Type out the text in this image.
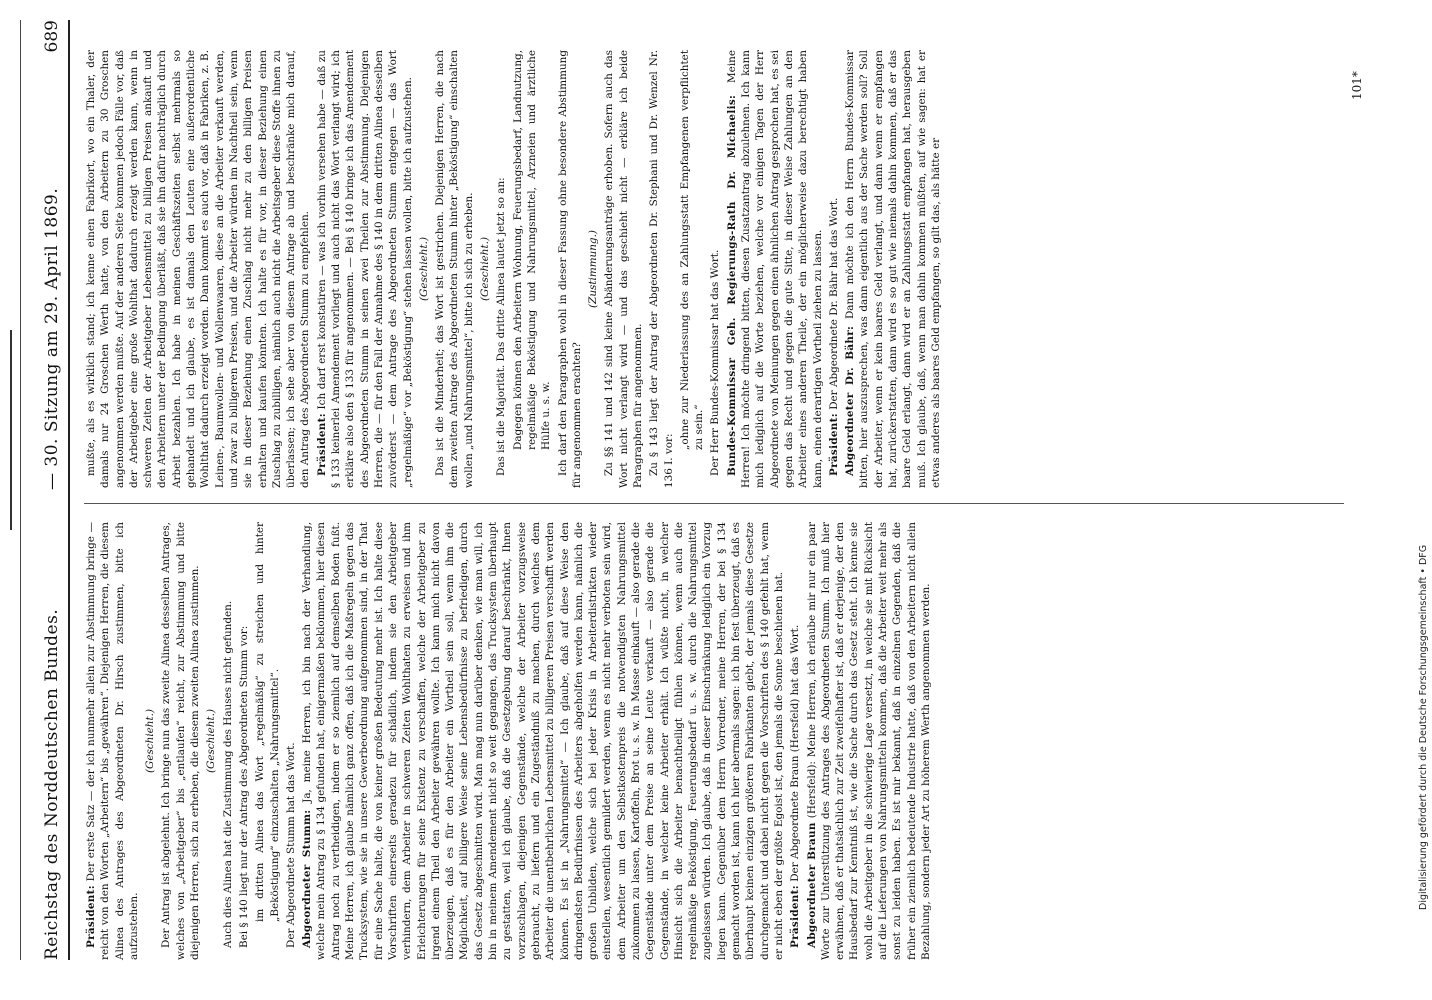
Reichstag des Norddeutschen Bundes.
— 30. Sitzung am 29. April 1869.
689

Präsident: Der erste Satz — der ich nunmehr allein zur Abstimmung bringe — reicht von den Worten „Arbeitern“ bis „gewähren“. Diejenigen Herren, die diesem Alinea des Antrages des Abgeordneten Dr. Hirsch zustimmen, bitte ich aufzustehen.

(Geschieht.) Der Antrag ist abgelehnt. Ich bringe nun das zweite Alinea desselben Antrages, welches von „Arbeitgeber“ bis „entlaufen“ reicht, zur Abstimmung und bitte diejenigen Herren, sich zu erheben, die diesem zweiten Alinea zustimmen. (Geschieht.) Auch dies Alinea hat die Zustimmung des Hauses nicht gefunden. Bei § 140 liegt nur der Antrag des Abgeordneten Stumm vor: im dritten Alinea das Wort „regelmäßig“ zu streichen und hinter „Beköstigung“ einzuschalten „Nahrungsmittel“. Der Abgeordnete Stumm hat das Wort. Abgeordneter Stumm: Ja, meine Herren, ich bin nach der Verhandlung, welche mein Antrag zu § 134 gefunden hat, einigermaßen beklommen, hier diesen Antrag noch zu vertheidigen, indem er so ziemlich auf demselben Boden fußt. Meine Herren, ich glaube nämlich ganz offen, daß ich die Maßregeln gegen das Trucksystem, wie sie in unsere Gewerbeordnung aufgenommen sind, in der That für eine Sache halte, die von keiner großen Bedeutung mehr ist. Ich halte diese Vorschriften einerseits geradezu für schädlich, indem sie den Arbeitgeber verhindern, dem Arbeiter in schweren Zeiten Wohlthaten zu erweisen und ihm Erleichterungen für seine Existenz zu verschaffen, welche der Arbeitgeber zu irgend einem Theil den Arbeiter gewähren wollte. Ich kann mich nicht davon überzeugen, daß es für den Arbeiter ein Vortheil sein soll, wenn ihm die Möglichkeit, auf billigere Weise seine Lebensbedürfnisse zu befriedigen, durch das Gesetz abgeschnitten wird. Man mag nun darüber denken, wie man will, ich bin in meinem Amendement nicht so weit gegangen, das Trucksystem überhaupt zu gestatten, weil ich glaube, daß die Gesetzgebung darauf beschränkt, Ihnen vorzuschlagen, diejenigen Gegenstände, welche der Arbeiter vorzugsweise gebraucht, zu liefern und ein Zugeständniß zu machen, durch welches dem Arbeiter die unentbehrlichen Lebensmittel zu billigeren Preisen verschafft werden können. Es ist in „Nahrungsmittel“ — Ich glaube, daß auf diese Weise den dringendsten Bedürfnissen des Arbeiters abgeholfen werden kann, nämlich die großen Unbilden, welche sich bei jeder Krisis in Arbeiterdistrikten wieder einstellen, wesentlich gemildert werden, wenn es nicht mehr verboten sein wird, dem Arbeiter um den Selbstkostenpreis die notwendigsten Nahrungsmittel zukommen zu lassen, Kartoffeln, Brot u. s. w. In Masse einkauft — also gerade die Gegenstände unter dem Preise an seine Leute verkauft — also gerade die Gegenstände, in welcher keine Arbeiter erhält. Ich wüßte nicht, in welcher Hinsicht sich die Arbeiter benachtheiligt fühlen können, wenn auch die regelmäßige Beköstigung, Feuerungsbedarf u. s. w. durch die Nahrungsmittel zugelassen würden. Ich glaube, daß in dieser Einschränkung lediglich ein Vorzug liegen kann. Gegenüber dem Herrn Vorredner, meine Herren, der bei § 134 gemacht worden ist, kann ich hier abermals sagen: ich bin fest überzeugt, daß es überhaupt keinen einzigen größeren Fabrikanten giebt, der jemals diese Gesetze durchgemacht und dabei nicht gegen die Vorschriften des § 140 gefehlt hat, wenn er nicht eben der größte Egoist ist, den jemals die Sonne beschienen hat. Präsident: Der Abgeordnete Braun (Hersfeld) hat das Wort. Abgeordneter Braun (Hersfeld): Meine Herren, ich erlaube mir nur ein paar Worte zur Unterstützung des Antrages des Abgeordneten Stumm. Ich muß hier erwähnen, daß er thatsächlich zur Zeit zweifelhafter ist, daß er derjenige, der den Hausbedarf zur Kenntniß ist, wie die Sache durch das Gesetz steht. Ich kenne sie wohl die Arbeitgeber in die schwierige Lage versetzt, in welche sie mit Rücksicht auf die Lieferungen von Nahrungsmitteln kommen, daß die Arbeiter weit mehr als sonst zu leiden haben. Es ist mir bekannt, daß in einzelnen Gegenden, daß die früher ein ziemlich bedeutende Industrie hatte, daß von den Arbeitern nicht allein Bezahlung, sondern jeder Art zu höherem Werth angenommen werden.

mußte, als es wirklich stand; ich kenne einen Fabrikort, wo ein Thaler, der damals nur 24 Groschen Werth hatte, von den Arbeitern zu 30 Groschen angenommen werden mußte. Auf der anderen Seite kommen jedoch Fälle vor, daß der Arbeitgeber eine große Wohlthat dadurch erzeigt werden kann, wenn in schweren Zeiten der Arbeitgeber Lebensmittel zu billigen Preisen ankauft und den Arbeitern unter der Bedingung überläßt, daß sie ihn dafür nachträglich durch Arbeit bezahlen. Ich habe in meinen Geschäftszeiten selbst mehrmals so gehandelt und ich glaube, es ist damals den Leuten eine außerordentliche Wohlthat dadurch erzeigt worden. Dann kommt es auch vor, daß in Fabriken, z. B. Leinen-, Baumwollen- und Wollenwaaren, diese an die Arbeiter verkauft werden, und zwar zu billigeren Preisen, und die Arbeiter würden im Nachtheil sein, wenn sie in dieser Beziehung einen Zuschlag nicht mehr zu den billigen Preisen erhalten und kaufen könnten. Ich halte es für vor, in dieser Beziehung einen Zuschlag zu zubilligen, nämlich auch nicht die Arbeitsgeber diese Stoffe ihnen zu überlassen; ich sehe aber von diesem Antrage ab und beschränke mich darauf, den Antrag des Abgeordneten Stumm zu empfehlen. Präsident: Ich darf erst konstatiren — was ich vorhin versehen habe — daß zu § 133 keinerlei Amendement vorliegt und auch nicht das Wort verlangt wird; ich erkläre also den § 133 für angenommen. — Bei § 140 bringe ich das Amendement des Abgeordneten Stumm in seinen zwei Theilen zur Abstimmung. Diejenigen Herren, die — für den Fall der Annahme des § 140 in dem dritten Alinea desselben zuvörderst — dem Antrage des Abgeordneten Stumm entgegen — das Wort „regelmäßige“ vor „Beköstigung“ stehen lassen wollen, bitte ich aufzustehen. (Geschieht.) Das ist die Minderheit; das Wort ist gestrichen. Diejenigen Herren, die nach dem zweiten Antrage des Abgeordneten Stumm hinter „Beköstigung“ einschalten wollen „und Nahrungsmittel“, bitte ich sich zu erheben. (Geschieht.) Das ist die Majorität. Das dritte Alinea lautet jetzt so an: Dagegen können den Arbeitern Wohnung, Feuerungsbedarf, Landnutzung, regelmäßige Beköstigung und Nahrungsmittel, Arzneien und ärztliche Hülfe u. s. w. Ich darf den Paragraphen wohl in dieser Fassung ohne besondere Abstimmung für angenommen erachten?

(Zustimmung.) Zu §§ 141 und 142 sind keine Abänderungsanträge erhoben. Sofern auch das Wort nicht verlangt wird — und das geschieht nicht — erkläre ich beide Paragraphen für angenommen. Zu § 143 liegt der Antrag der Abgeordneten Dr. Stephani und Dr. Wenzel Nr. 136 I. vor:

„ohne zur Niederlassung des an Zahlungsstatt Empfangenen verpflichtet zu sein.“ Der Herr Bundes-Kommissar hat das Wort. Bundes-Kommissar Geh. Regierungs-Rath Dr. Michaelis: Meine Herren! Ich möchte dringend bitten, diesen Zusatzantrag abzulehnen. Ich kann mich lediglich auf die Worte beziehen, welche vor einigen Tagen der Herr Abgeordnete von Meinungen gegen einen ähnlichen Antrag gesprochen hat, es sei gegen das Recht und gegen die gute Sitte, in dieser Weise Zahlungen an den Arbeiter eines anderen Theile, der ein möglicherweise dazu berechtigt haben kann, einen derartigen Vortheil ziehen zu lassen. Präsident: Der Abgeordnete Dr. Bähr hat das Wort. Abgeordneter Dr. Bähr: Dann möchte ich den Herrn Bundes-Kommissar bitten, hier auszusprechen, was dann eigentlich aus der Sache werden soll? Soll der Arbeiter, wenn er kein baares Geld verlangt, und dann wenn er empfangen hat, zurückerstatten, dann wird es so gut wie niemals dahin kommen, daß er das baare Geld erlangt, dann wird er an Zahlungsstatt empfangen hat, herausgeben muß. Ich glaube, daß, wenn man dahin kommen müßten, auf wie sagen: hat er etwas anderes als baares Geld empfangen, so gilt das, als hätte er

101*
Digitalisierung gefördert durch die Deutsche Forschungsgemeinschaft • DFG
